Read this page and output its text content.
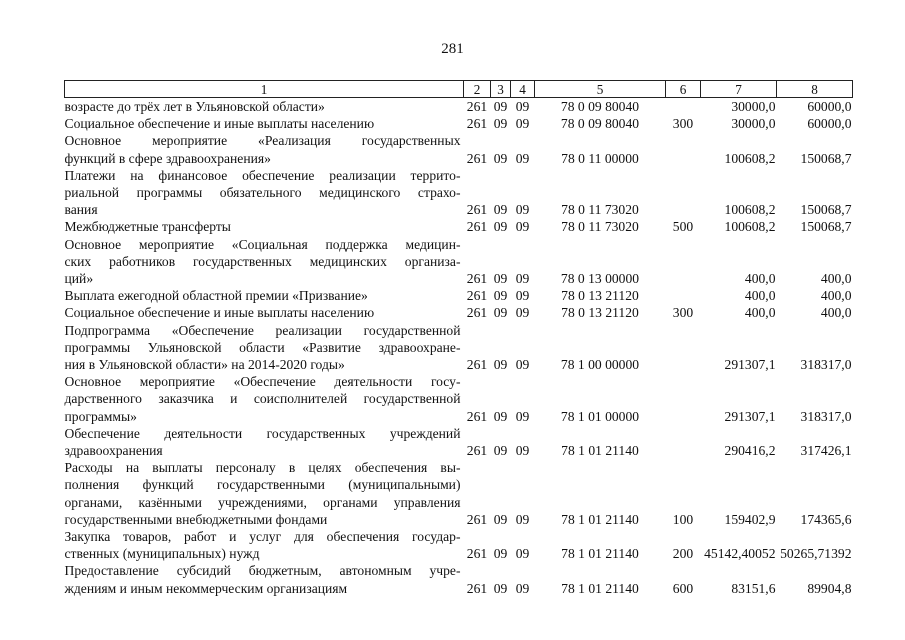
281
1	2	3	4	5	6	7	8

возрасте до трёх лет в Ульяновской области»	261	09	09	78 0 09 80040		30000,0	60000,0

Социальное обеспечение и иные выплаты населению	261	09	09	78 0 09 80040	300	30000,0	60000,0

Основное мероприятие «Реализация государственных
функций в сфере здравоохранения»	261	09	09	78 0 11 00000		100608,2	150068,7

Платежи на финансовое обеспечение реализации террито-
риальной программы обязательного медицинского страхо-
вания	261	09	09	78 0 11 73020		100608,2	150068,7

Межбюджетные трансферты	261	09	09	78 0 11 73020	500	100608,2	150068,7

Основное мероприятие «Социальная поддержка медицин-
ских работников государственных медицинских организа-
ций»	261	09	09	78 0 13 00000		400,0	400,0

Выплата ежегодной областной премии «Призвание»	261	09	09	78 0 13 21120		400,0	400,0

Социальное обеспечение и иные выплаты населению	261	09	09	78 0 13 21120	300	400,0	400,0

Подпрограмма «Обеспечение реализации государственной
программы Ульяновской области «Развитие здравоохране-
ния в Ульяновской области» на 2014-2020 годы»	261	09	09	78 1 00 00000		291307,1	318317,0

Основное мероприятие «Обеспечение деятельности госу-
дарственного заказчика и соисполнителей государственной
программы»	261	09	09	78 1 01 00000		291307,1	318317,0

Обеспечение деятельности государственных учреждений
здравоохранения	261	09	09	78 1 01 21140		290416,2	317426,1

Расходы на выплаты персоналу в целях обеспечения вы-
полнения функций государственными (муниципальными)
органами, казёнными учреждениями, органами управления
государственными внебюджетными фондами	261	09	09	78 1 01 21140	100	159402,9	174365,6

Закупка товаров, работ и услуг для обеспечения государ-
ственных (муниципальных) нужд	261	09	09	78 1 01 21140	200	45142,40052	50265,71392

Предоставление субсидий бюджетным, автономным учре-
ждениям и иным некоммерческим организациям	261	09	09	78 1 01 21140	600	83151,6	89904,8
